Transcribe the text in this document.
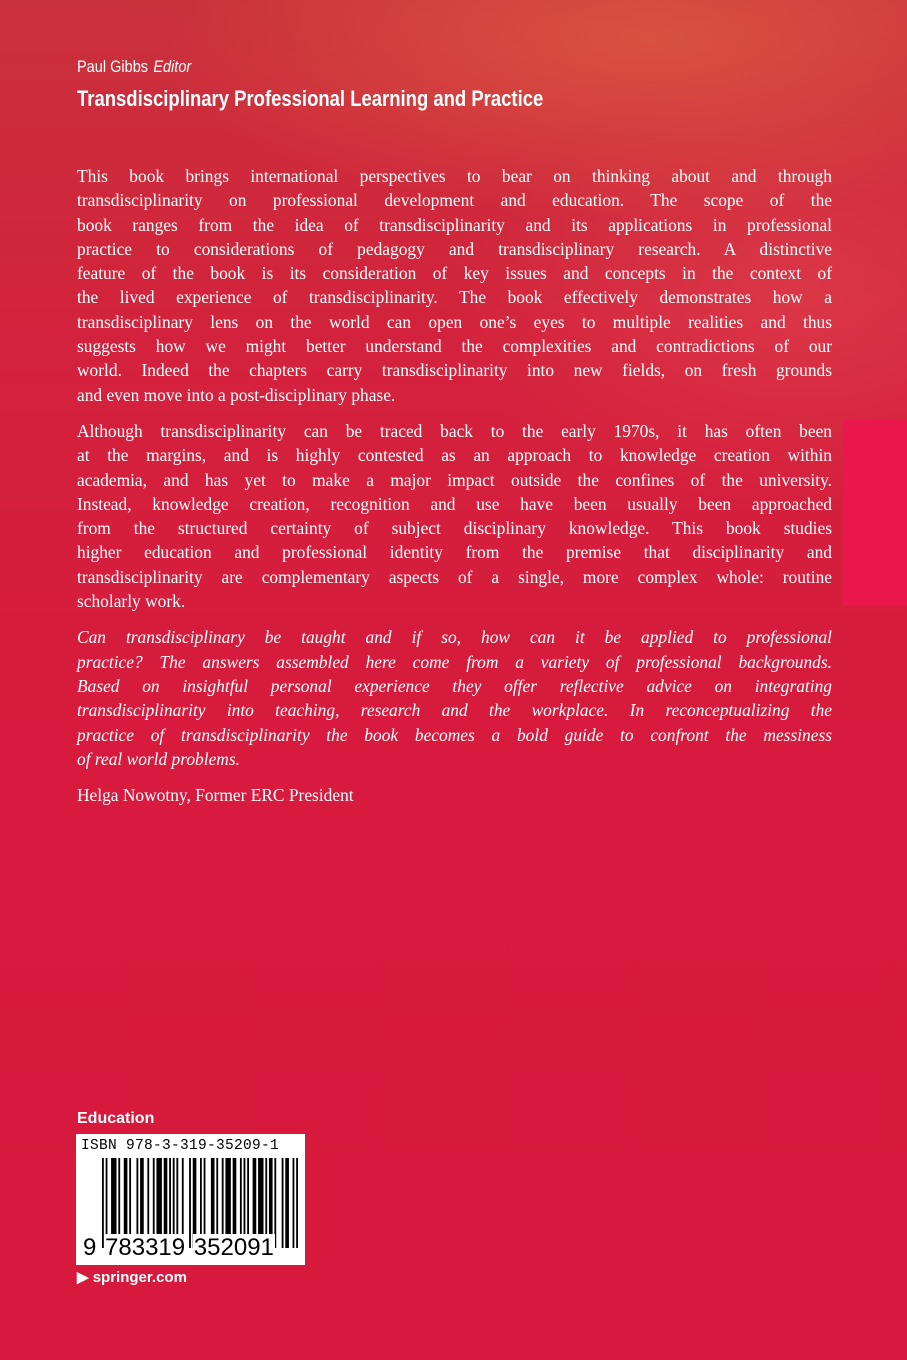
Paul Gibbs Editor
Transdisciplinary Professional Learning and Practice
This book brings international perspectives to bear on thinking about and through
transdisciplinarity on professional development and education. The scope of the
book ranges from the idea of transdisciplinarity and its applications in professional
practice to considerations of pedagogy and transdisciplinary research. A distinctive
feature of the book is its consideration of key issues and concepts in the context of
the lived experience of transdisciplinarity. The book effectively demonstrates how a
transdisciplinary lens on the world can open one’s eyes to multiple realities and thus
suggests how we might better understand the complexities and contradictions of our
world. Indeed the chapters carry transdisciplinarity into new fields, on fresh grounds
and even move into a post-disciplinary phase.
Although transdisciplinarity can be traced back to the early 1970s, it has often been
at the margins, and is highly contested as an approach to knowledge creation within
academia, and has yet to make a major impact outside the confines of the university.
Instead, knowledge creation, recognition and use have been usually been approached
from the structured certainty of subject disciplinary knowledge. This book studies
higher education and professional identity from the premise that disciplinarity and
transdisciplinarity are complementary aspects of a single, more complex whole: routine
scholarly work.
Can transdisciplinary be taught and if so, how can it be applied to professional
practice? The answers assembled here come from a variety of professional backgrounds.
Based on insightful personal experience they offer reflective advice on integrating
transdisciplinarity into teaching, research and the workplace. In reconceptualizing the
practice of transdisciplinarity the book becomes a bold guide to confront the messiness
of real world problems.
Helga Nowotny, Former ERC President
Education
ISBN 978-3-319-35209-1
9 783319 352091
▶ springer.com
